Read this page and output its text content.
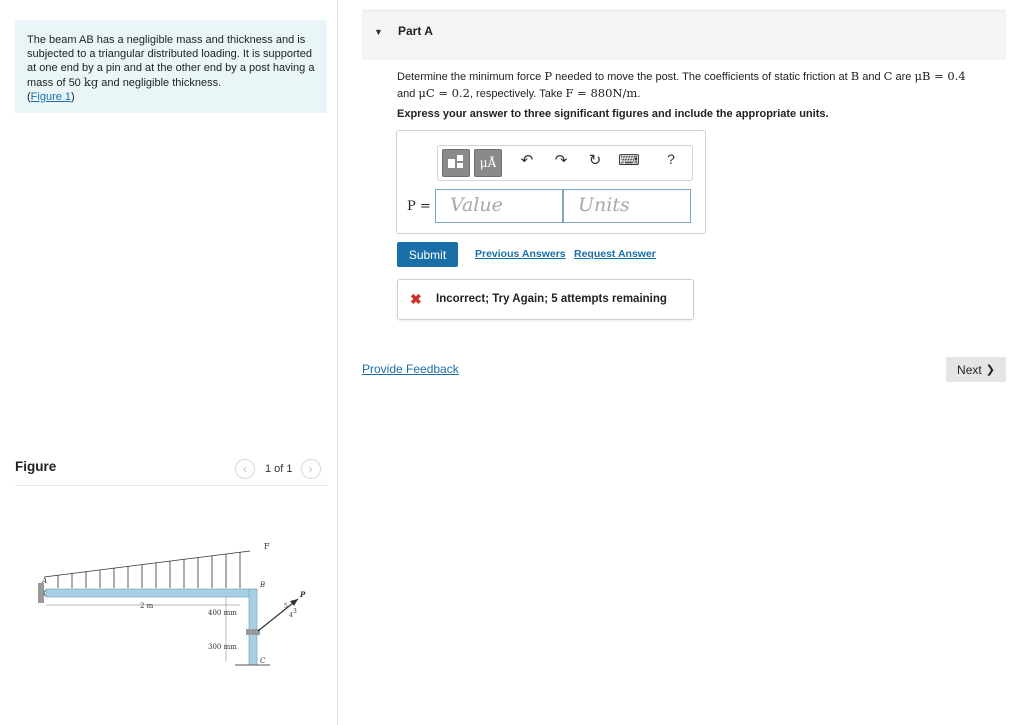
The beam AB has a negligible mass and thickness and is subjected to a triangular distributed loading. It is supported at one end by a pin and at the other end by a post having a mass of 50 kg and negligible thickness.
(Figure 1)
Figure	‹	1 of 1	›
2 m
400 mm
300 mm
A	B
C
F
P
5
4
3
▼ Part A
Determine the minimum force P needed to move the post. The coefficients of static friction at B and C are μB = 0.4
and μC = 0.2, respectively. Take F = 880N/m.
Express your answer to three significant figures and include the appropriate units.
μÅ	↶	↷	↻	⌨	?
P =	Value	Units
Submit	Previous Answers Request Answer
✖ Incorrect; Try Again; 5 attempts remaining
Provide Feedback	Next ❯
